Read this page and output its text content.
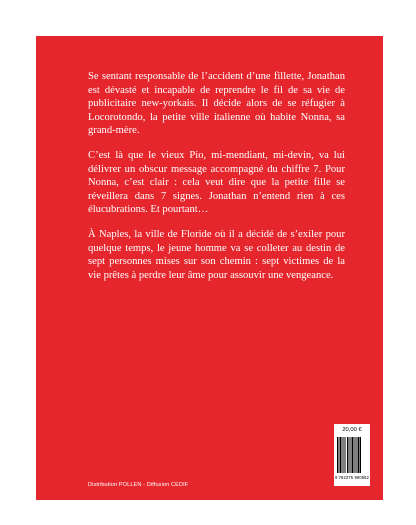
Se sentant responsable de l’accident d’une fillette, Jonathan est dévasté et incapable de reprendre le fil de sa vie de publicitaire new-yorkais. Il décide alors de se réfugier à Locorotondo, la petite ville italienne où habite Nonna, sa grand-mère.

C’est là que le vieux Pio, mi-mendiant, mi-devin, va lui délivrer un obscur message accompagné du chiffre 7. Pour Nonna, c’est clair : cela veut dire que la petite fille se réveillera dans 7 signes. Jonathan n’entend rien à ces élucubrations. Et pourtant…

À Naples, la ville de Floride où il a décidé de s’exiler pour quelque temps, le jeune homme va se colleter au destin de sept personnes mises sur son chemin : sept victimes de la vie prêtes à perdre leur âme pour assouvir une vengeance.

Distribution POLLEN - Diffusion CEDIF
20,00 €
9 782375 990562
